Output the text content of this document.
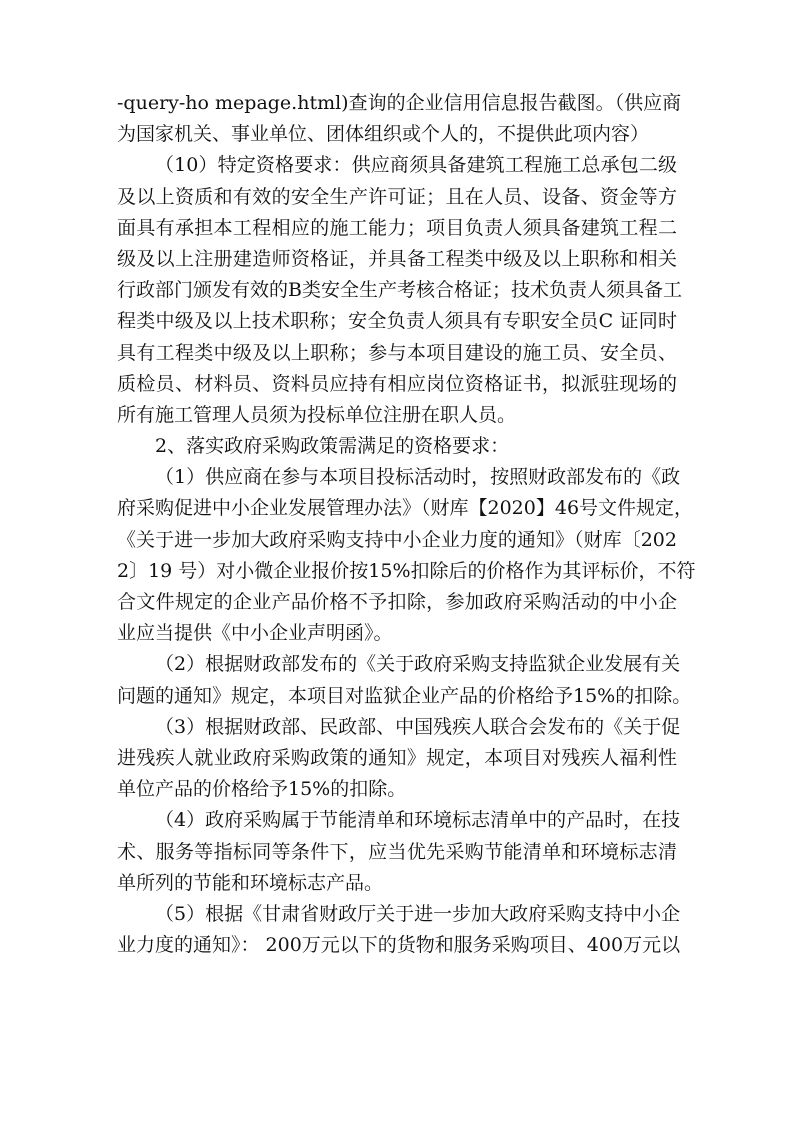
-query-ho mepage.html)查询的企业信用信息报告截图。（供应商
为国家机关、事业单位、团体组织或个人的，不提供此项内容）
（10）特定资格要求：供应商须具备建筑工程施工总承包二级
及以上资质和有效的安全生产许可证；且在人员、设备、资金等方
面具有承担本工程相应的施工能力；项目负责人须具备建筑工程二
级及以上注册建造师资格证，并具备工程类中级及以上职称和相关
行政部门颁发有效的B类安全生产考核合格证；技术负责人须具备工
程类中级及以上技术职称；安全负责人须具有专职安全员C 证同时
具有工程类中级及以上职称；参与本项目建设的施工员、安全员、
质检员、材料员、资料员应持有相应岗位资格证书，拟派驻现场的
所有施工管理人员须为投标单位注册在职人员。
2、落实政府采购政策需满足的资格要求：
（1）供应商在参与本项目投标活动时，按照财政部发布的《政
府采购促进中小企业发展管理办法》（财库【2020】46号文件规定，
《关于进一步加大政府采购支持中小企业力度的通知》（财库〔202
2〕19 号）对小微企业报价按15%扣除后的价格作为其评标价，不符
合文件规定的企业产品价格不予扣除，参加政府采购活动的中小企
业应当提供《中小企业声明函》。
（2）根据财政部发布的《关于政府采购支持监狱企业发展有关
问题的通知》规定，本项目对监狱企业产品的价格给予15%的扣除。
（3）根据财政部、民政部、中国残疾人联合会发布的《关于促
进残疾人就业政府采购政策的通知》规定，本项目对残疾人福利性
单位产品的价格给予15%的扣除。
（4）政府采购属于节能清单和环境标志清单中的产品时，在技
术、服务等指标同等条件下，应当优先采购节能清单和环境标志清
单所列的节能和环境标志产品。
（5）根据《甘肃省财政厅关于进一步加大政府采购支持中小企
业力度的通知》： 200万元以下的货物和服务采购项目、400万元以
